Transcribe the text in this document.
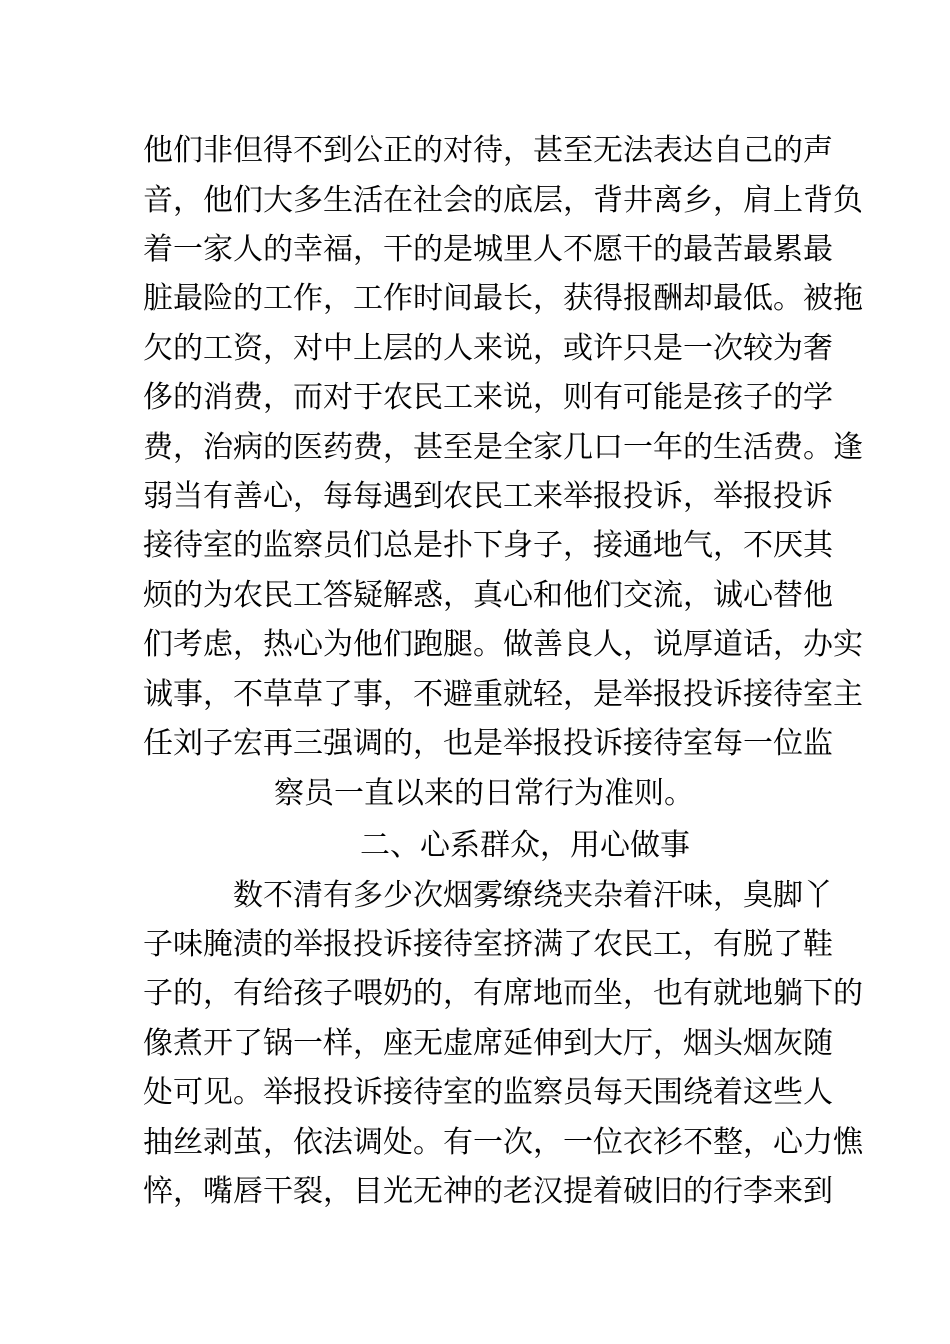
他们非但得不到公正的对待，甚至无法表达自己的声
音，他们大多生活在社会的底层，背井离乡，肩上背负
着一家人的幸福，干的是城里人不愿干的最苦最累最
脏最险的工作，工作时间最长，获得报酬却最低。被拖
欠的工资，对中上层的人来说，或许只是一次较为奢
侈的消费，而对于农民工来说，则有可能是孩子的学
费，治病的医药费，甚至是全家几口一年的生活费。逢
弱当有善心，每每遇到农民工来举报投诉，举报投诉
接待室的监察员们总是扑下身子，接通地气，不厌其
烦的为农民工答疑解惑，真心和他们交流，诚心替他
们考虑，热心为他们跑腿。做善良人，说厚道话，办实
诚事，不草草了事，不避重就轻，是举报投诉接待室主
任刘子宏再三强调的，也是举报投诉接待室每一位监
察员一直以来的日常行为准则。
二、心系群众，用心做事
数不清有多少次烟雾缭绕夹杂着汗味，臭脚丫
子味腌渍的举报投诉接待室挤满了农民工，有脱了鞋
子的，有给孩子喂奶的，有席地而坐，也有就地躺下的
像煮开了锅一样，座无虚席延伸到大厅，烟头烟灰随
处可见。举报投诉接待室的监察员每天围绕着这些人
抽丝剥茧，依法调处。有一次，一位衣衫不整，心力憔
悴，嘴唇干裂，目光无神的老汉提着破旧的行李来到
